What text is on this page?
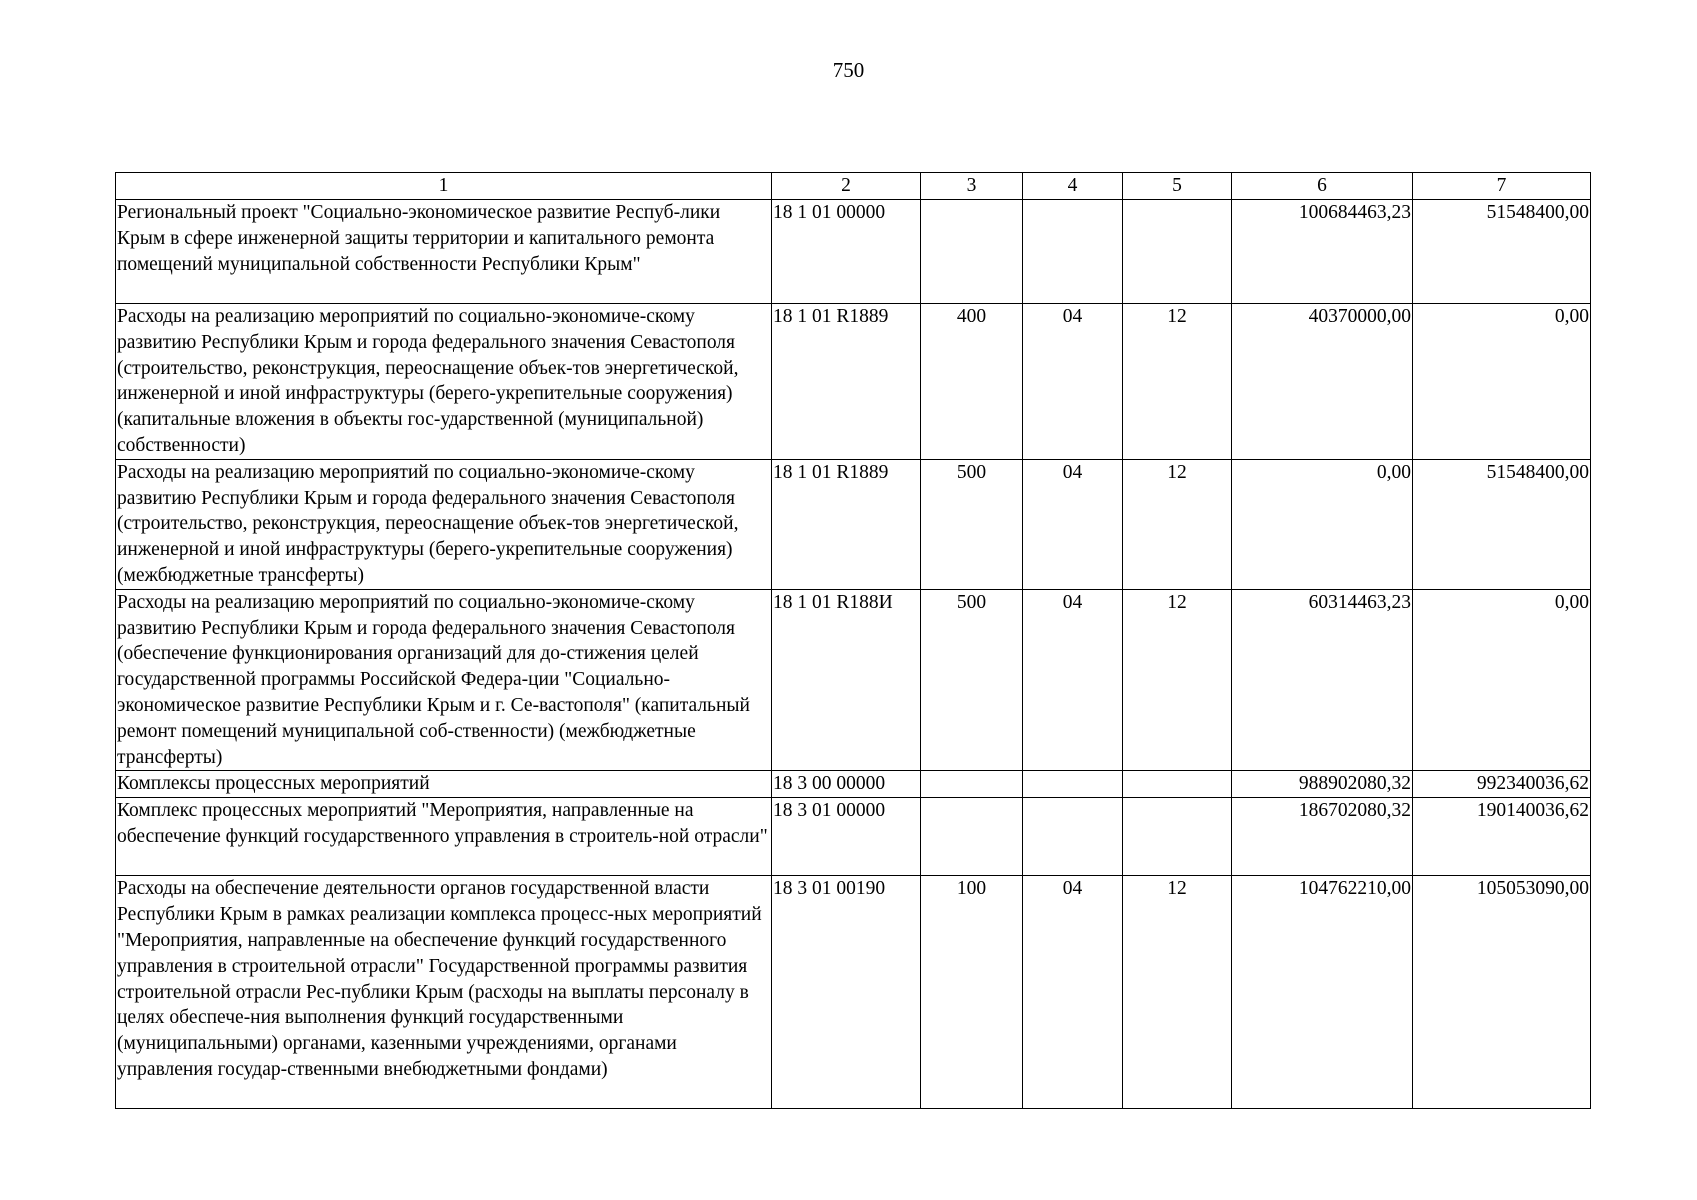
750
1	2	3	4	5	6	7
Региональный проект "Социально-экономическое развитие Респуб-лики Крым в сфере инженерной защиты территории и капитального ремонта помещений муниципальной собственности Республики Крым"	18 1 01 00000				100684463,23	51548400,00
Расходы на реализацию мероприятий по социально-экономиче-скому развитию Республики Крым и города федерального значения Севастополя (строительство, реконструкция, переоснащение объек-тов энергетической, инженерной и иной инфраструктуры (берего-укрепительные сооружения) (капитальные вложения в объекты гос-ударственной (муниципальной) собственности)	18 1 01 R1889	400	04	12	40370000,00	0,00
Расходы на реализацию мероприятий по социально-экономиче-скому развитию Республики Крым и города федерального значения Севастополя (строительство, реконструкция, переоснащение объек-тов энергетической, инженерной и иной инфраструктуры (берего-укрепительные сооружения) (межбюджетные трансферты)	18 1 01 R1889	500	04	12	0,00	51548400,00
Расходы на реализацию мероприятий по социально-экономиче-скому развитию Республики Крым и города федерального значения Севастополя (обеспечение функционирования организаций для до-стижения целей государственной программы Российской Федера-ции "Социально-экономическое развитие Республики Крым и г. Се-вастополя" (капитальный ремонт помещений муниципальной соб-ственности) (межбюджетные трансферты)	18 1 01 R188И	500	04	12	60314463,23	0,00
Комплексы процессных мероприятий	18 3 00 00000				988902080,32	992340036,62
Комплекс процессных мероприятий "Мероприятия, направленные на обеспечение функций государственного управления в строитель-ной отрасли"	18 3 01 00000				186702080,32	190140036,62
Расходы на обеспечение деятельности органов государственной власти Республики Крым в рамках реализации комплекса процесс-ных мероприятий "Мероприятия, направленные на обеспечение функций государственного управления в строительной отрасли" Государственной программы развития строительной отрасли Рес-публики Крым (расходы на выплаты персоналу в целях обеспече-ния выполнения функций государственными (муниципальными) органами, казенными учреждениями, органами управления государ-ственными внебюджетными фондами)	18 3 01 00190	100	04	12	104762210,00	105053090,00
